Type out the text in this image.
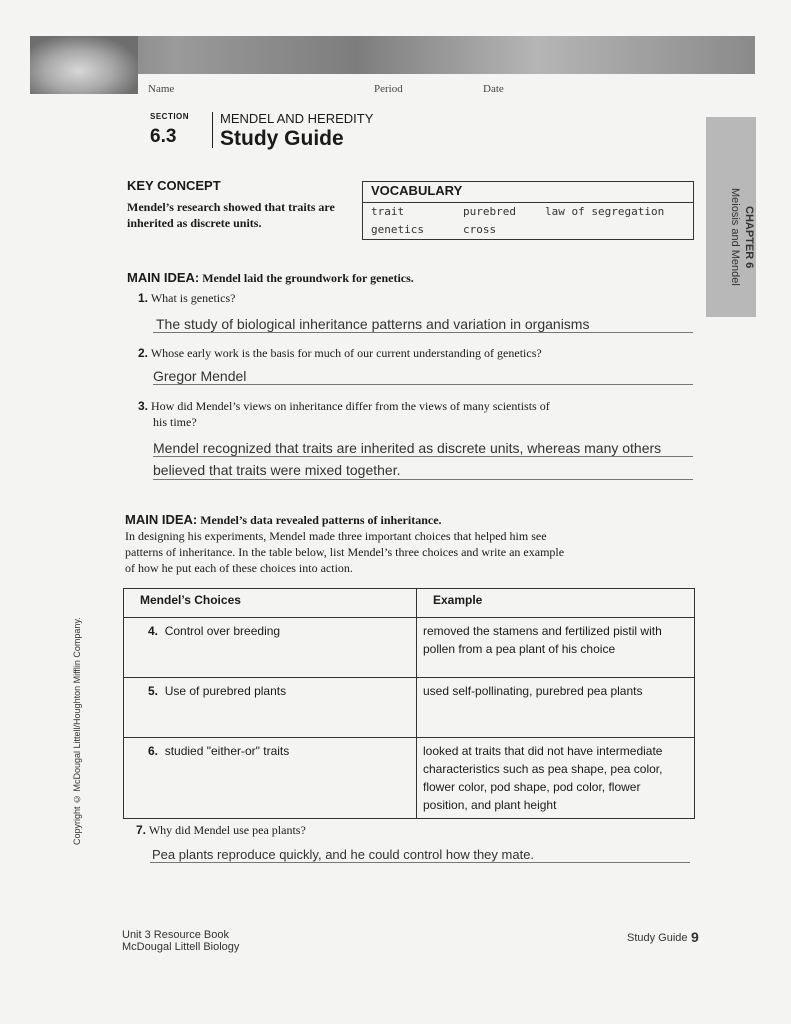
Name	Period	Date
SECTION
6.3
MENDEL AND HEREDITY
Study Guide
CHAPTER 6
Meiosis and Mendel
KEY CONCEPT
Mendel’s research showed that traits are inherited as discrete units.
VOCABULARY
trait	purebred	law of segregation
genetics	cross
MAIN IDEA: Mendel laid the groundwork for genetics.
1. What is genetics?
The study of biological inheritance patterns and variation in organisms
2. Whose early work is the basis for much of our current understanding of genetics?
Gregor Mendel
3. How did Mendel’s views on inheritance differ from the views of many scientists of
his time?
Mendel recognized that traits are inherited as discrete units, whereas many others
believed that traits were mixed together.
MAIN IDEA: Mendel’s data revealed patterns of inheritance.
In designing his experiments, Mendel made three important choices that helped him see
patterns of inheritance. In the table below, list Mendel’s three choices and write an example
of how he put each of these choices into action.
Mendel’s Choices	Example
4. Control over breeding	removed the stamens and fertilized pistil with pollen from a pea plant of his choice
5. Use of purebred plants	used self-pollinating, purebred pea plants
6. studied "either-or" traits	looked at traits that did not have intermediate characteristics such as pea shape, pea color, flower color, pod shape, pod color, flower position, and plant height
7. Why did Mendel use pea plants?
Pea plants reproduce quickly, and he could control how they mate.
Copyright © McDougal Littell/Houghton Mifflin Company.
Unit 3 Resource Book
McDougal Littell Biology
Study Guide 9
